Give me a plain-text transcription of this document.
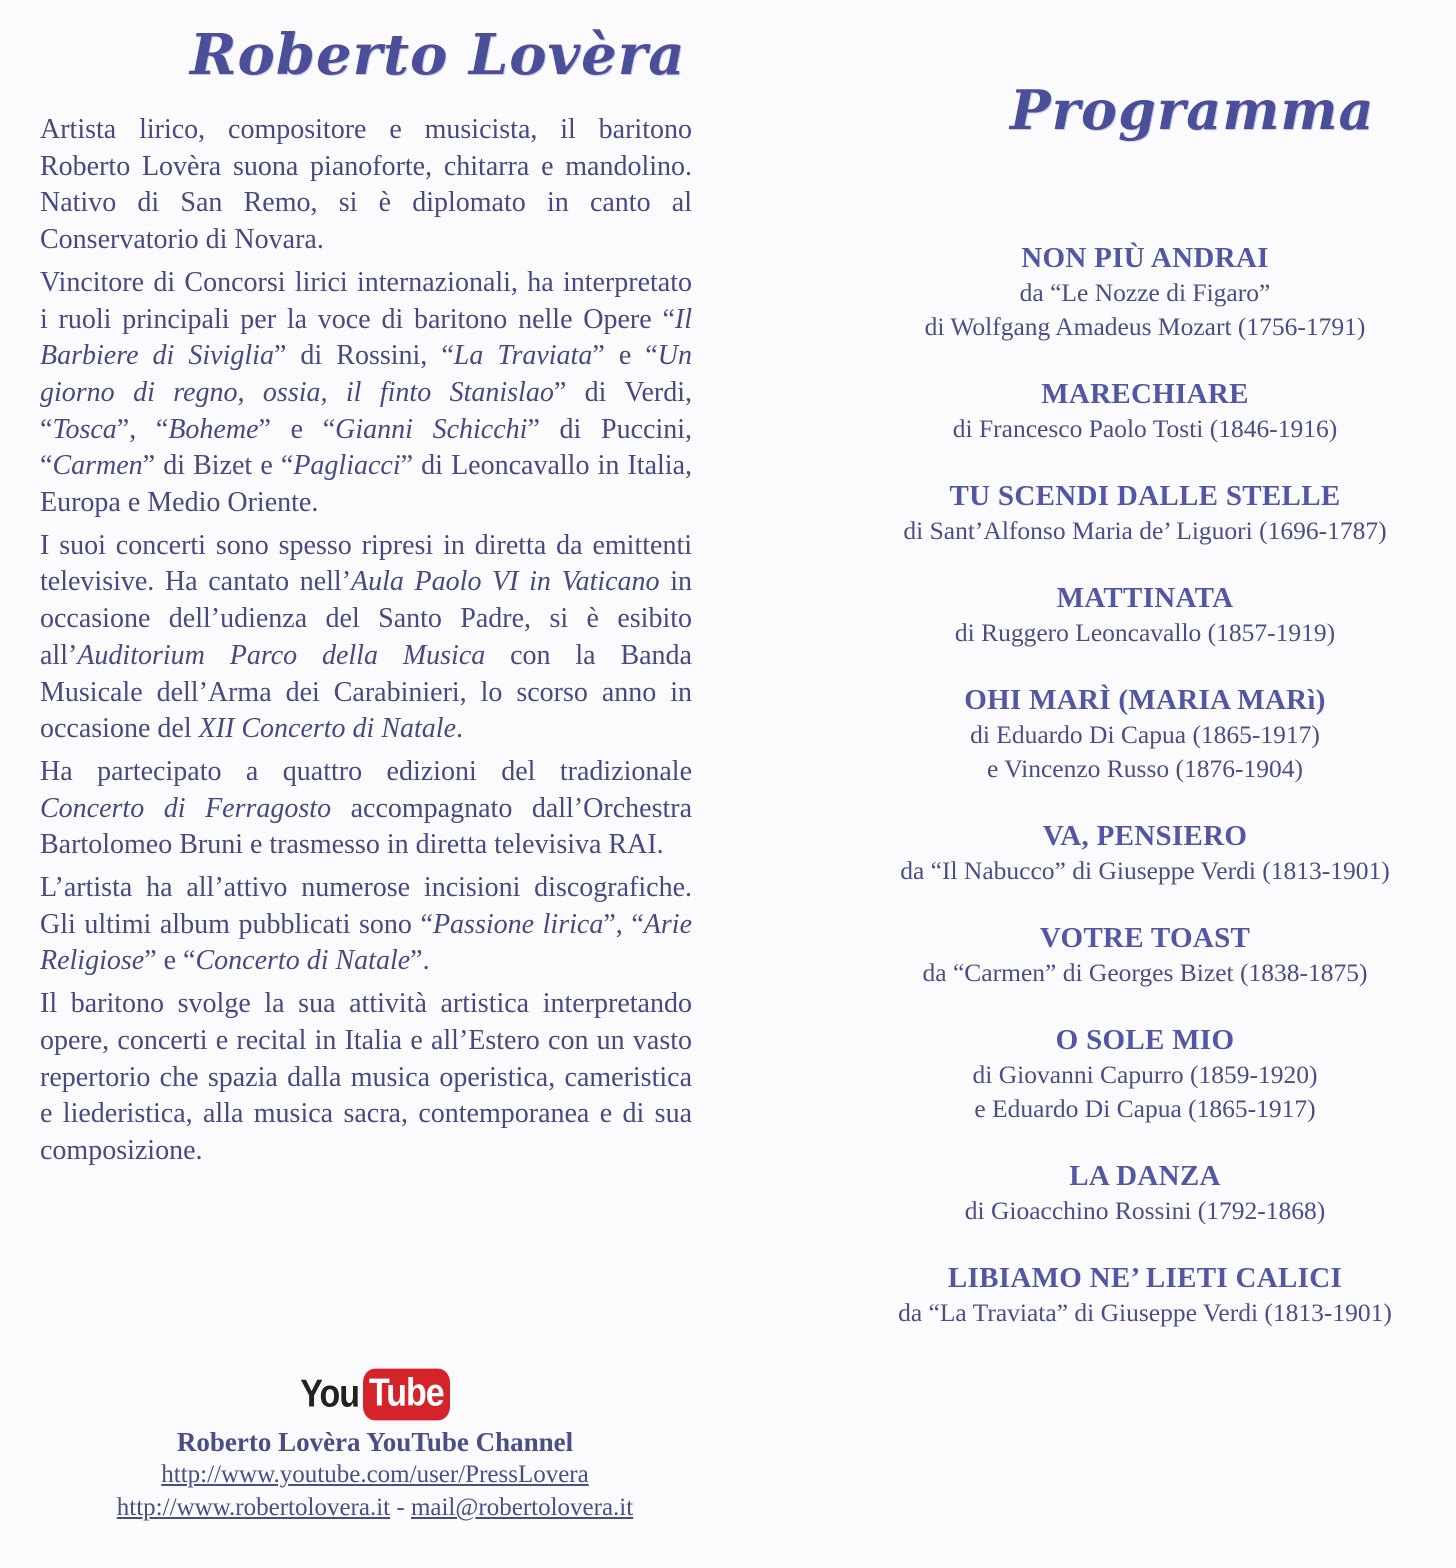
Roberto Lovèra

Artista lirico, compositore e musicista, il baritono Roberto Lovèra suona pianoforte, chitarra e mandolino. Nativo di San Remo, si è diplomato in canto al Conservatorio di Novara.

Vincitore di Concorsi lirici internazionali, ha interpretato i ruoli principali per la voce di baritono nelle Opere “Il Barbiere di Siviglia” di Rossini, “La Traviata” e “Un giorno di regno, ossia, il finto Stanislao” di Verdi, “Tosca”, “Boheme” e “Gianni Schicchi” di Puccini, “Carmen” di Bizet e “Pagliacci” di Leoncavallo in Italia, Europa e Medio Oriente.

I suoi concerti sono spesso ripresi in diretta da emittenti televisive. Ha cantato nell’Aula Paolo VI in Vaticano in occasione dell’udienza del Santo Padre, si è esibito all’Auditorium Parco della Musica con la Banda Musicale dell’Arma dei Carabinieri, lo scorso anno in occasione del XII Concerto di Natale.

Ha partecipato a quattro edizioni del tradizionale Concerto di Ferragosto accompagnato dall’Orchestra Bartolomeo Bruni e trasmesso in diretta televisiva RAI.

L’artista ha all’attivo numerose incisioni discografiche. Gli ultimi album pubblicati sono “Passione lirica”, “Arie Religiose” e “Concerto di Natale”.

Il baritono svolge la sua attività artistica interpretando opere, concerti e recital in Italia e all’Estero con un vasto repertorio che spazia dalla musica operistica, cameristica e liederistica, alla musica sacra, contemporanea e di sua composizione.

You Tube
Roberto Lovèra YouTube Channel
http://www.youtube.com/user/PressLovera
http://www.robertolovera.it - mail@robertolovera.it
Programma
NON PIÙ ANDRAI
da “Le Nozze di Figaro”
di Wolfgang Amadeus Mozart (1756-1791)
MARECHIARE
di Francesco Paolo Tosti (1846-1916)
TU SCENDI DALLE STELLE
di Sant’Alfonso Maria de’ Liguori (1696-1787)
MATTINATA
di Ruggero Leoncavallo (1857-1919)
OHI MARÌ (MARIA MARì)
di Eduardo Di Capua (1865-1917)
e Vincenzo Russo (1876-1904)
VA, PENSIERO
da “Il Nabucco” di Giuseppe Verdi (1813-1901)
VOTRE TOAST
da “Carmen” di Georges Bizet (1838-1875)
O SOLE MIO
di Giovanni Capurro (1859-1920)
e Eduardo Di Capua (1865-1917)
LA DANZA
di Gioacchino Rossini (1792-1868)
LIBIAMO NE’ LIETI CALICI
da “La Traviata” di Giuseppe Verdi (1813-1901)
